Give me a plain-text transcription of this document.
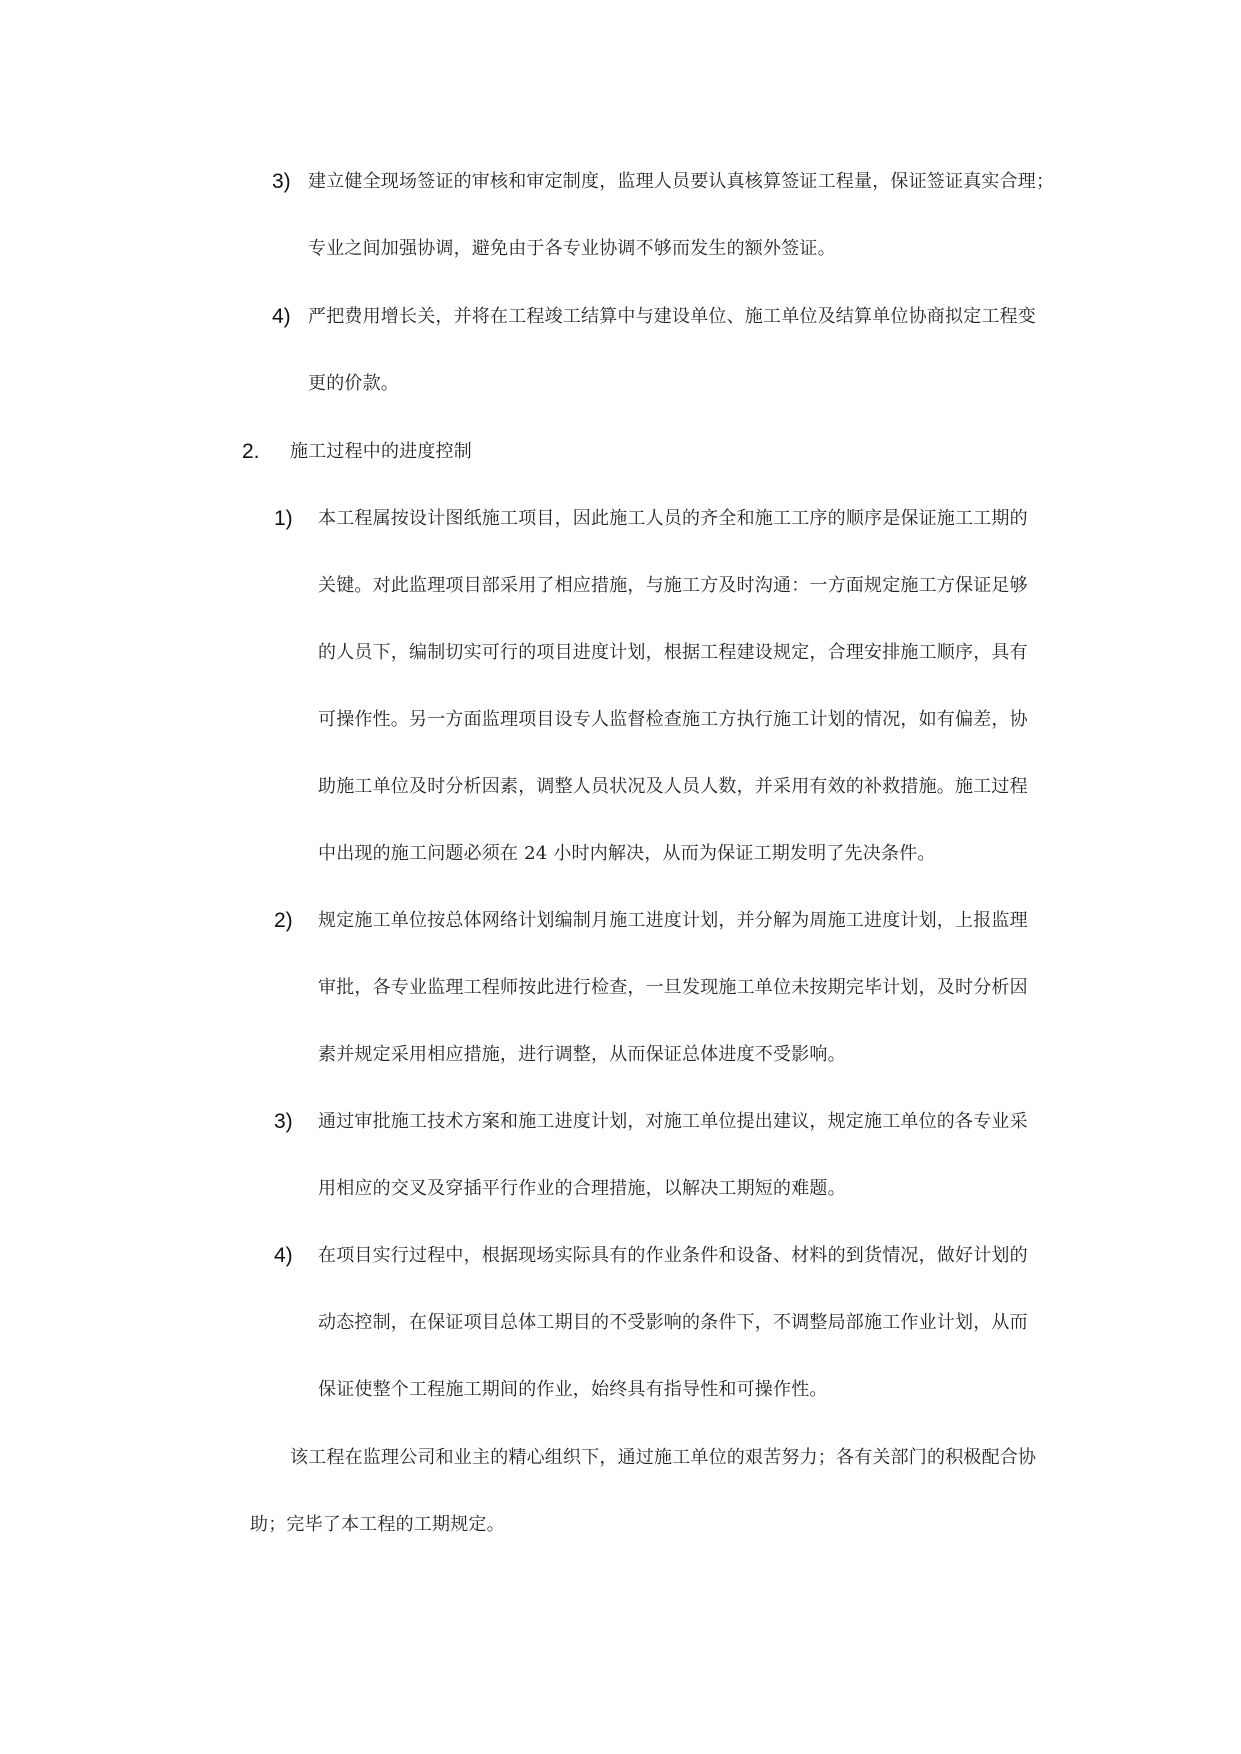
3) 建立健全现场签证的审核和审定制度，监理人员要认真核算签证工程量，保证签证真实合理；
专业之间加强协调，避免由于各专业协调不够而发生的额外签证。
4) 严把费用增长关，并将在工程竣工结算中与建设单位、施工单位及结算单位协商拟定工程变
更的价款。
2. 施工过程中的进度控制
1) 本工程属按设计图纸施工项目，因此施工人员的齐全和施工工序的顺序是保证施工工期的
关键。对此监理项目部采用了相应措施，与施工方及时沟通：一方面规定施工方保证足够
的人员下，编制切实可行的项目进度计划，根据工程建设规定，合理安排施工顺序，具有
可操作性。另一方面监理项目设专人监督检查施工方执行施工计划的情况，如有偏差，协
助施工单位及时分析因素，调整人员状况及人员人数，并采用有效的补救措施。施工过程
中出现的施工问题必须在 24 小时内解决，从而为保证工期发明了先决条件。
2) 规定施工单位按总体网络计划编制月施工进度计划，并分解为周施工进度计划，上报监理
审批，各专业监理工程师按此进行检查，一旦发现施工单位未按期完毕计划，及时分析因
素并规定采用相应措施，进行调整，从而保证总体进度不受影响。
3) 通过审批施工技术方案和施工进度计划，对施工单位提出建议，规定施工单位的各专业采
用相应的交叉及穿插平行作业的合理措施，以解决工期短的难题。
4) 在项目实行过程中，根据现场实际具有的作业条件和设备、材料的到货情况，做好计划的
动态控制，在保证项目总体工期目的不受影响的条件下，不调整局部施工作业计划，从而
保证使整个工程施工期间的作业，始终具有指导性和可操作性。
该工程在监理公司和业主的精心组织下，通过施工单位的艰苦努力；各有关部门的积极配合协
助；完毕了本工程的工期规定。
